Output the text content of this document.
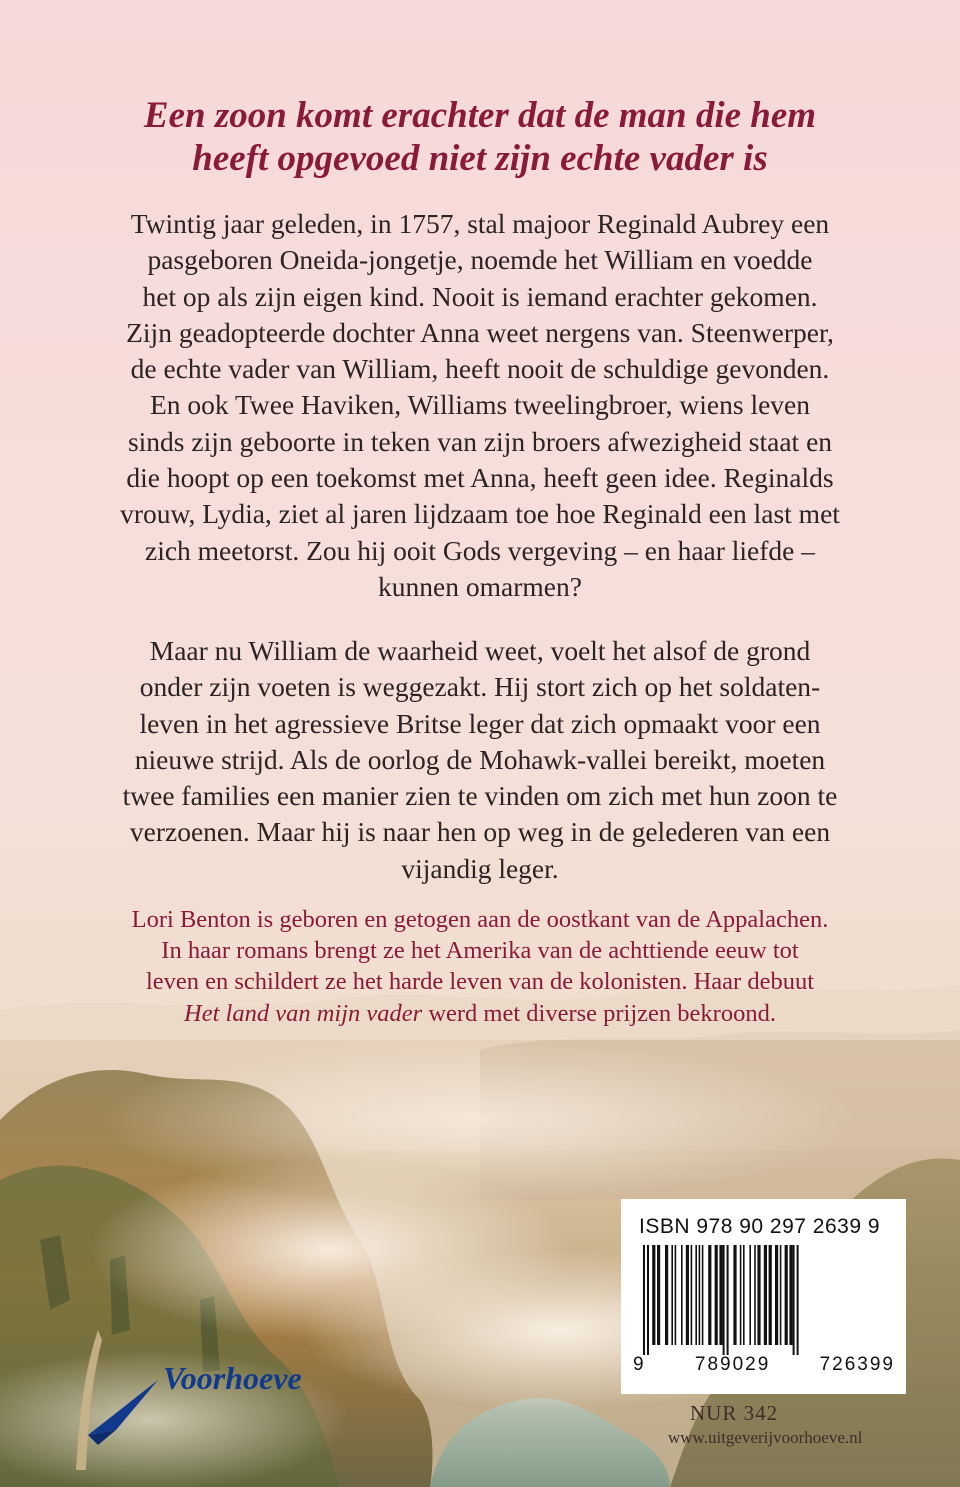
Een zoon komt erachter dat de man die hem
heeft opgevoed niet zijn echte vader is
Twintig jaar geleden, in 1757, stal majoor Reginald Aubrey een
pasgeboren Oneida-jongetje, noemde het William en voedde
het op als zijn eigen kind. Nooit is iemand erachter gekomen.
Zijn geadopteerde dochter Anna weet nergens van. Steenwerper,
de echte vader van William, heeft nooit de schuldige gevonden.
En ook Twee Haviken, Williams tweelingbroer, wiens leven
sinds zijn geboorte in teken van zijn broers afwezigheid staat en
die hoopt op een toekomst met Anna, heeft geen idee. Reginalds
vrouw, Lydia, ziet al jaren lijdzaam toe hoe Reginald een last met
zich meetorst. Zou hij ooit Gods vergeving – en haar liefde –
kunnen omarmen?
Maar nu William de waarheid weet, voelt het alsof de grond
onder zijn voeten is weggezakt. Hij stort zich op het soldaten-
leven in het agressieve Britse leger dat zich opmaakt voor een
nieuwe strijd. Als de oorlog de Mohawk-vallei bereikt, moeten
twee families een manier zien te vinden om zich met hun zoon te
verzoenen. Maar hij is naar hen op weg in de gelederen van een
vijandig leger.
Lori Benton is geboren en getogen aan de oostkant van de Appalachen.
In haar romans brengt ze het Amerika van de achttiende eeuw tot
leven en schildert ze het harde leven van de kolonisten. Haar debuut
Het land van mijn vader werd met diverse prijzen bekroond.
ISBN 978 90 297 2639 9
9	789029	726399
Voorhoeve
NUR 342
www.uitgeverijvoorhoeve.nl
